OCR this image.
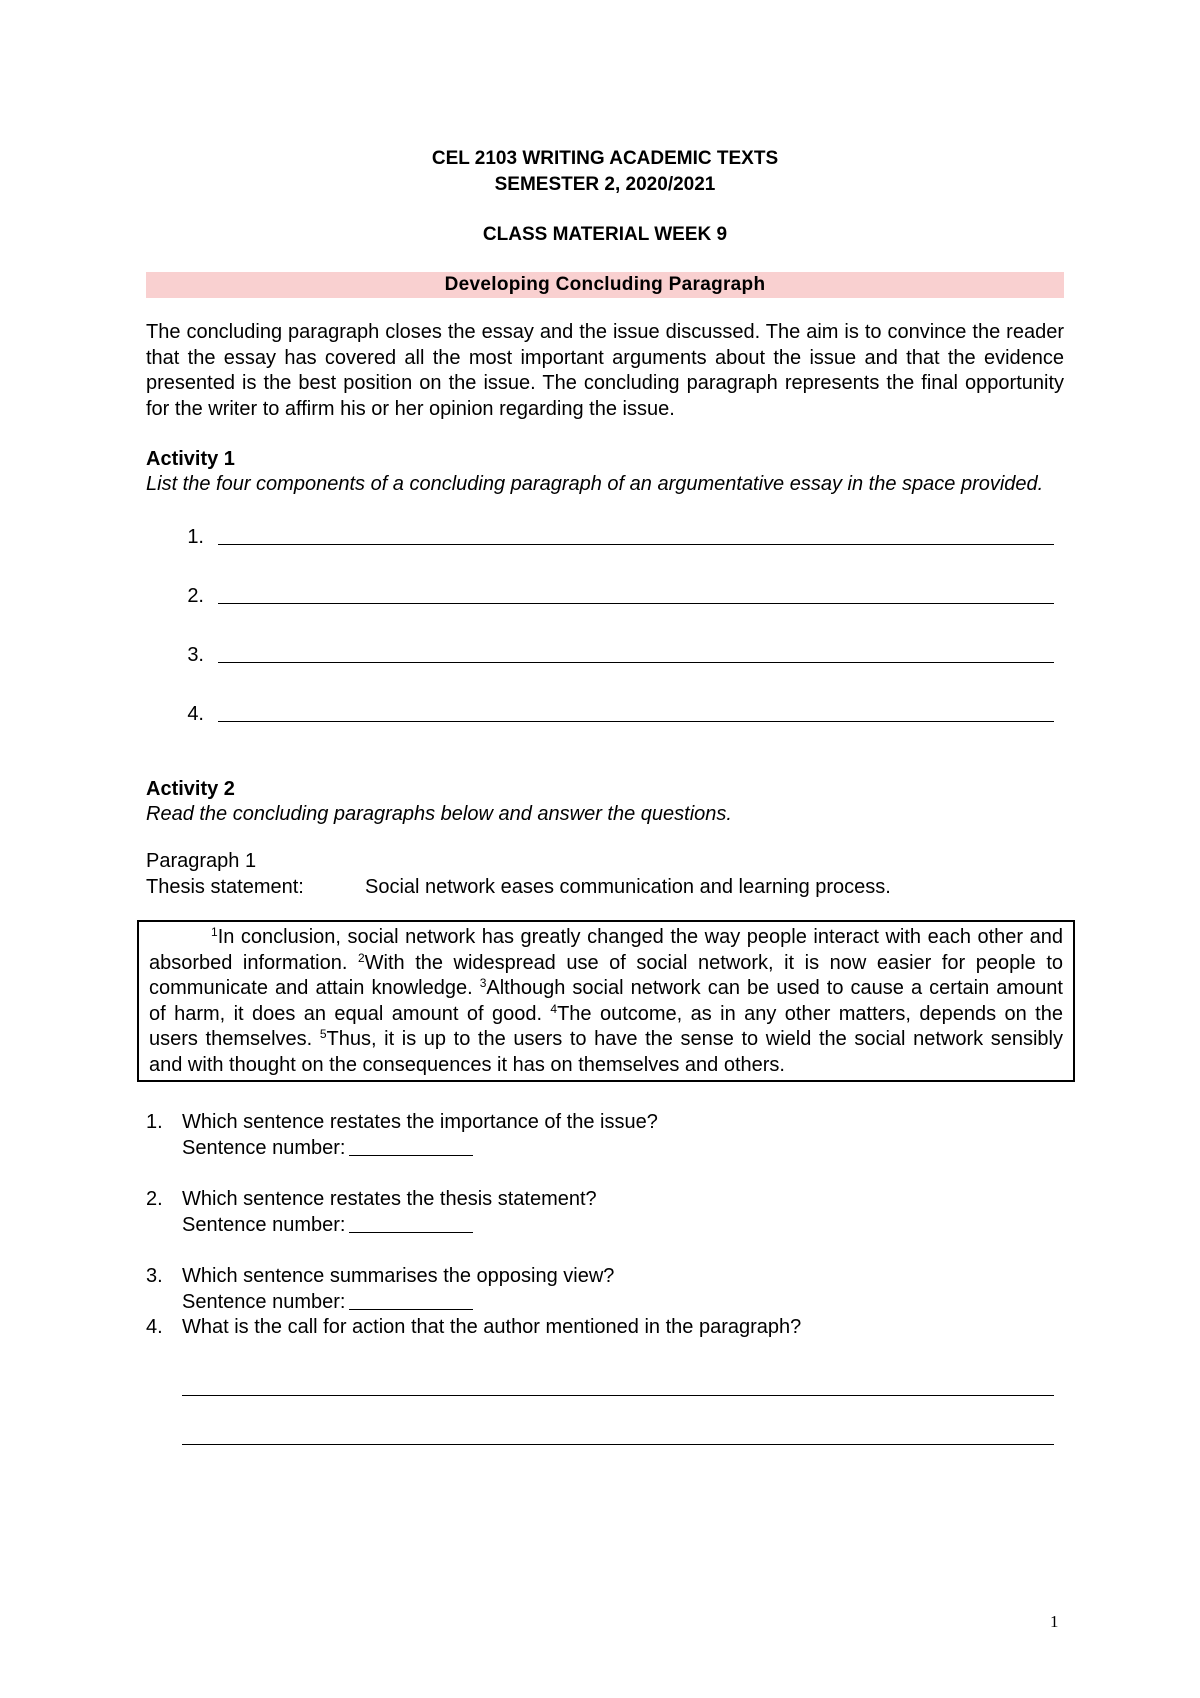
CEL 2103 WRITING ACADEMIC TEXTS
SEMESTER 2, 2020/2021
CLASS MATERIAL WEEK 9
Developing Concluding Paragraph
The concluding paragraph closes the essay and the issue discussed. The aim is to convince the reader that the essay has covered all the most important arguments about the issue and that the evidence presented is the best position on the issue. The concluding paragraph represents the final opportunity for the writer to affirm his or her opinion regarding the issue.
Activity 1
List the four components of a concluding paragraph of an argumentative essay in the space provided.
1.
2.
3.
4.
Activity 2
Read the concluding paragraphs below and answer the questions.
Paragraph 1
Thesis statement:	Social network eases communication and learning process.
$^1$In conclusion, social network has greatly changed the way people interact with each other and absorbed information. $^2$With the widespread use of social network, it is now easier for people to communicate and attain knowledge. $^3$Although social network can be used to cause a certain amount of harm, it does an equal amount of good. $^4$The outcome, as in any other matters, depends on the users themselves. $^5$Thus, it is up to the users to have the sense to wield the social network sensibly and with thought on the consequences it has on themselves and others.
1. Which sentence restates the importance of the issue?
Sentence number:
2. Which sentence restates the thesis statement?
Sentence number:
3. Which sentence summarises the opposing view?
Sentence number:
4. What is the call for action that the author mentioned in the paragraph?
1
